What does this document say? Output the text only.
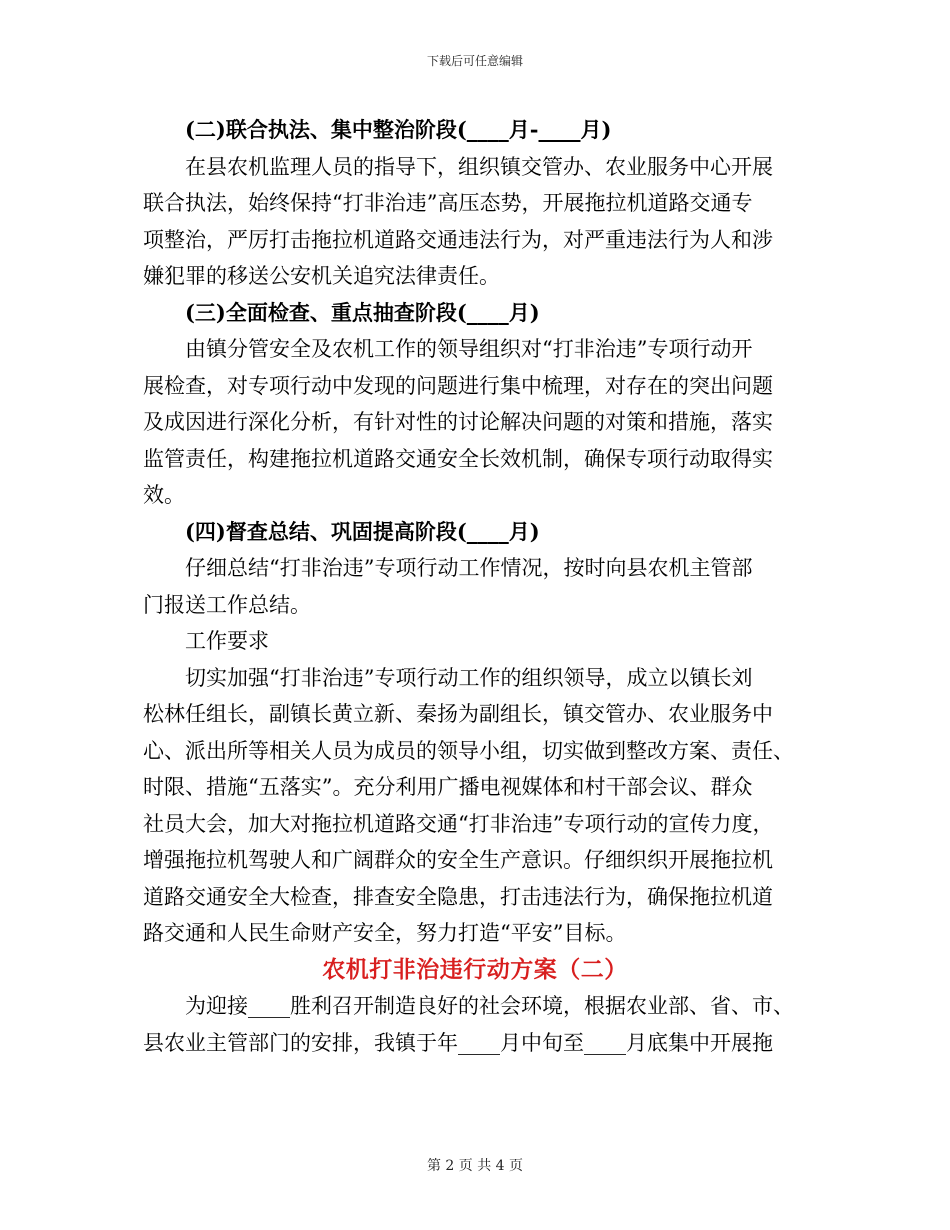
下载后可任意编辑
(二)联合执法、集中整治阶段(____月-____月)
在县农机监理人员的指导下，组织镇交管办、农业服务中心开展
联合执法，始终保持“打非治违”高压态势，开展拖拉机道路交通专
项整治，严厉打击拖拉机道路交通违法行为，对严重违法行为人和涉
嫌犯罪的移送公安机关追究法律责任。
(三)全面检查、重点抽查阶段(____月)
由镇分管安全及农机工作的领导组织对“打非治违”专项行动开
展检查，对专项行动中发现的问题进行集中梳理，对存在的突出问题
及成因进行深化分析，有针对性的讨论解决问题的对策和措施，落实
监管责任，构建拖拉机道路交通安全长效机制，确保专项行动取得实
效。
(四)督查总结、巩固提高阶段(____月)
仔细总结“打非治违”专项行动工作情况，按时向县农机主管部
门报送工作总结。
工作要求
切实加强“打非治违”专项行动工作的组织领导，成立以镇长刘
松林任组长，副镇长黄立新、秦扬为副组长，镇交管办、农业服务中
心、派出所等相关人员为成员的领导小组，切实做到整改方案、责任、
时限、措施“五落实”。充分利用广播电视媒体和村干部会议、群众
社员大会，加大对拖拉机道路交通“打非治违”专项行动的宣传力度，
增强拖拉机驾驶人和广阔群众的安全生产意识。仔细织织开展拖拉机
道路交通安全大检查，排查安全隐患，打击违法行为，确保拖拉机道
路交通和人民生命财产安全，努力打造“平安”目标。
农机打非治违行动方案（二）
为迎接____胜利召开制造良好的社会环境，根据农业部、省、市、
县农业主管部门的安排，我镇于年____月中旬至____月底集中开展拖
第 2 页 共 4 页
